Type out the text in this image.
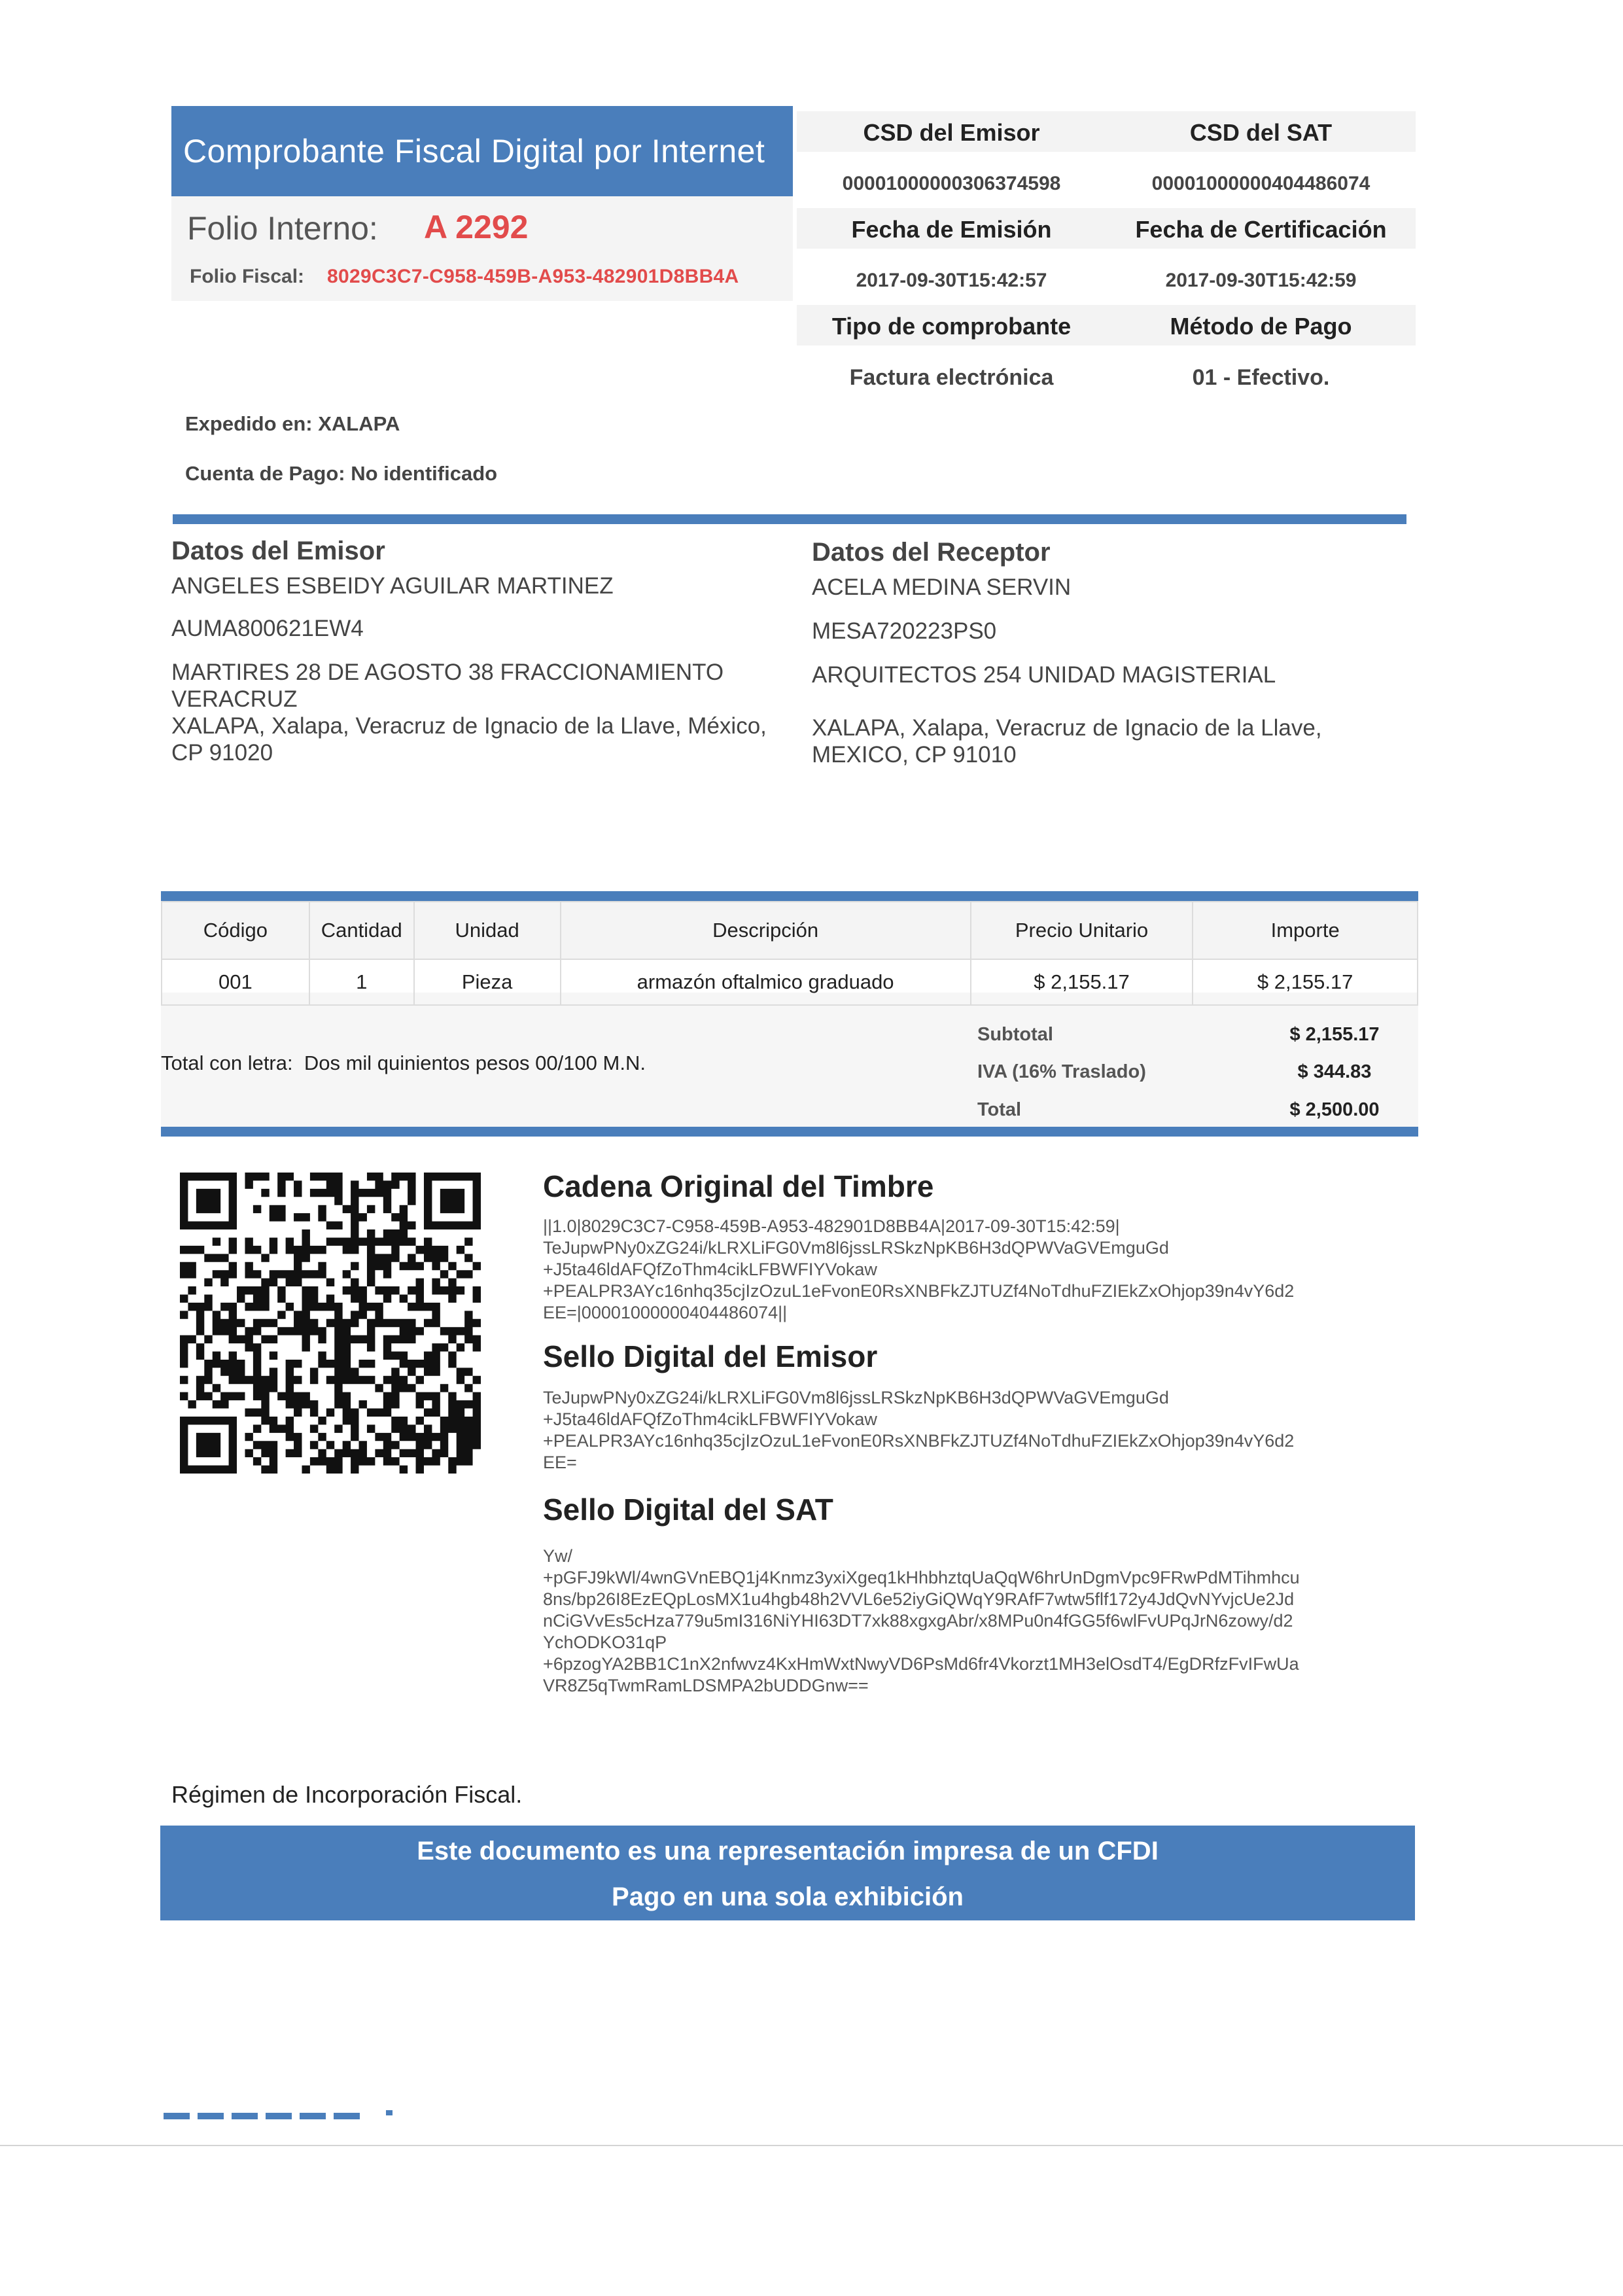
Comprobante Fiscal Digital por Internet
Folio Interno: A 2292
Folio Fiscal: 8029C3C7-C958-459B-A953-482901D8BB4A
CSD del Emisor	CSD del SAT
00001000000306374598	00001000000404486074
Fecha de Emisión	Fecha de Certificación
2017-09-30T15:42:57	2017-09-30T15:42:59
Tipo de comprobante	Método de Pago
Factura electrónica	01 - Efectivo.
Expedido en: XALAPA
Cuenta de Pago: No identificado
Datos del Emisor
ANGELES ESBEIDY AGUILAR MARTINEZ
AUMA800621EW4
MARTIRES 28 DE AGOSTO 38 FRACCIONAMIENTO
VERACRUZ
XALAPA, Xalapa, Veracruz de Ignacio de la Llave, México,
CP 91020
Datos del Receptor
ACELA MEDINA SERVIN
MESA720223PS0
ARQUITECTOS 254 UNIDAD MAGISTERIAL
XALAPA, Xalapa, Veracruz de Ignacio de la Llave,
MEXICO, CP 91010
Código	Cantidad	Unidad	Descripción	Precio Unitario	Importe
001	1	Pieza	armazón oftalmico graduado	$ 2,155.17	$ 2,155.17
Total con letra: Dos mil quinientos pesos 00/100 M.N.
Subtotal	$ 2,155.17
IVA (16% Traslado)	$ 344.83
Total	$ 2,500.00
Cadena Original del Timbre
||1.0|8029C3C7-C958-459B-A953-482901D8BB4A|2017-09-30T15:42:59|
TeJupwPNy0xZG24i/kLRXLiFG0Vm8l6jssLRSkzNpKB6H3dQPWVaGVEmguGd
+J5ta46ldAFQfZoThm4cikLFBWFIYVokaw
+PEALPR3AYc16nhq35cjIzOzuL1eFvonE0RsXNBFkZJTUZf4NoTdhuFZIEkZxOhjop39n4vY6d2
EE=|00001000000404486074||
Sello Digital del Emisor
TeJupwPNy0xZG24i/kLRXLiFG0Vm8l6jssLRSkzNpKB6H3dQPWVaGVEmguGd
+J5ta46ldAFQfZoThm4cikLFBWFIYVokaw
+PEALPR3AYc16nhq35cjIzOzuL1eFvonE0RsXNBFkZJTUZf4NoTdhuFZIEkZxOhjop39n4vY6d2
EE=
Sello Digital del SAT
Yw/
+pGFJ9kWl/4wnGVnEBQ1j4Knmz3yxiXgeq1kHhbhztqUaQqW6hrUnDgmVpc9FRwPdMTihmhcu
8ns/bp26I8EzEQpLosMX1u4hgb48h2VVL6e52iyGiQWqY9RAfF7wtw5flf172y4JdQvNYvjcUe2Jd
nCiGVvEs5cHza779u5mI316NiYHI63DT7xk88xgxgAbr/x8MPu0n4fGG5f6wlFvUPqJrN6zowy/d2
YchODKO31qP
+6pzogYA2BB1C1nX2nfwvz4KxHmWxtNwyVD6PsMd6fr4Vkorzt1MH3elOsdT4/EgDRfzFvIFwUa
VR8Z5qTwmRamLDSMPA2bUDDGnw==
Régimen de Incorporación Fiscal.
Este documento es una representación impresa de un CFDI
Pago en una sola exhibición
